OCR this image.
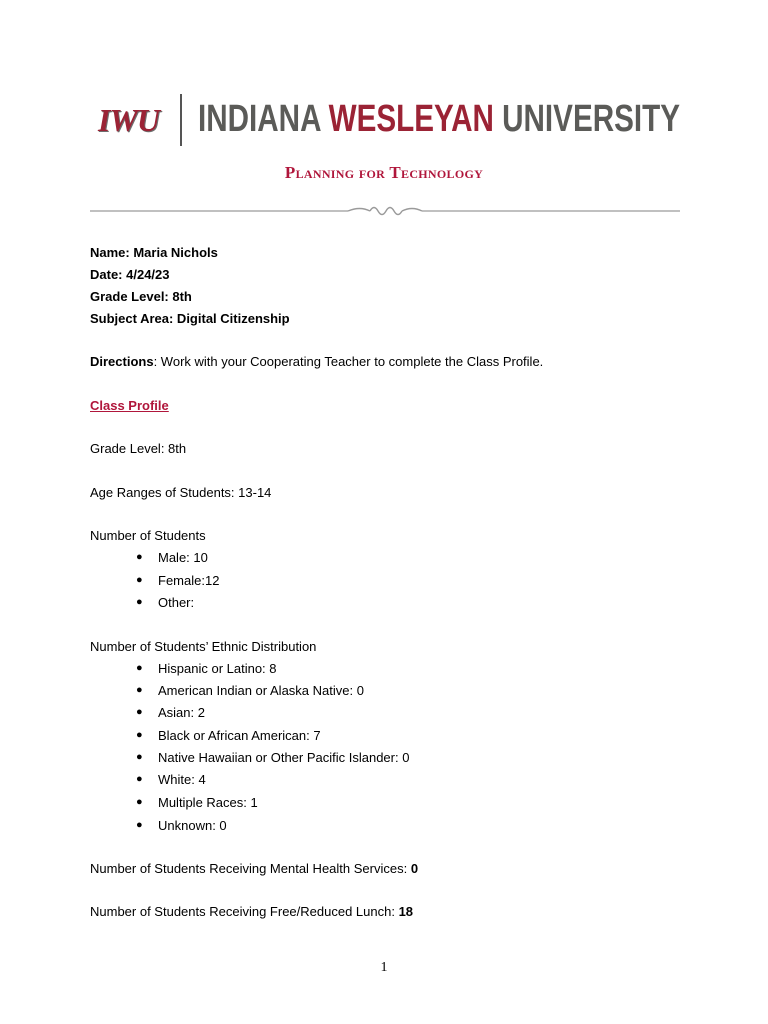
IWU INDIANA WESLEYAN UNIVERSITY
Planning for Technology
Name: Maria Nichols
Date: 4/24/23
Grade Level: 8th
Subject Area: Digital Citizenship
Directions: Work with your Cooperating Teacher to complete the Class Profile.
Class Profile
Grade Level: 8th
Age Ranges of Students: 13-14
Number of Students
● Male: 10
● Female:12
● Other:
Number of Students’ Ethnic Distribution
● Hispanic or Latino: 8
● American Indian or Alaska Native: 0
● Asian: 2
● Black or African American: 7
● Native Hawaiian or Other Pacific Islander: 0
● White: 4
● Multiple Races: 1
● Unknown: 0
Number of Students Receiving Mental Health Services: 0
Number of Students Receiving Free/Reduced Lunch: 18
1
